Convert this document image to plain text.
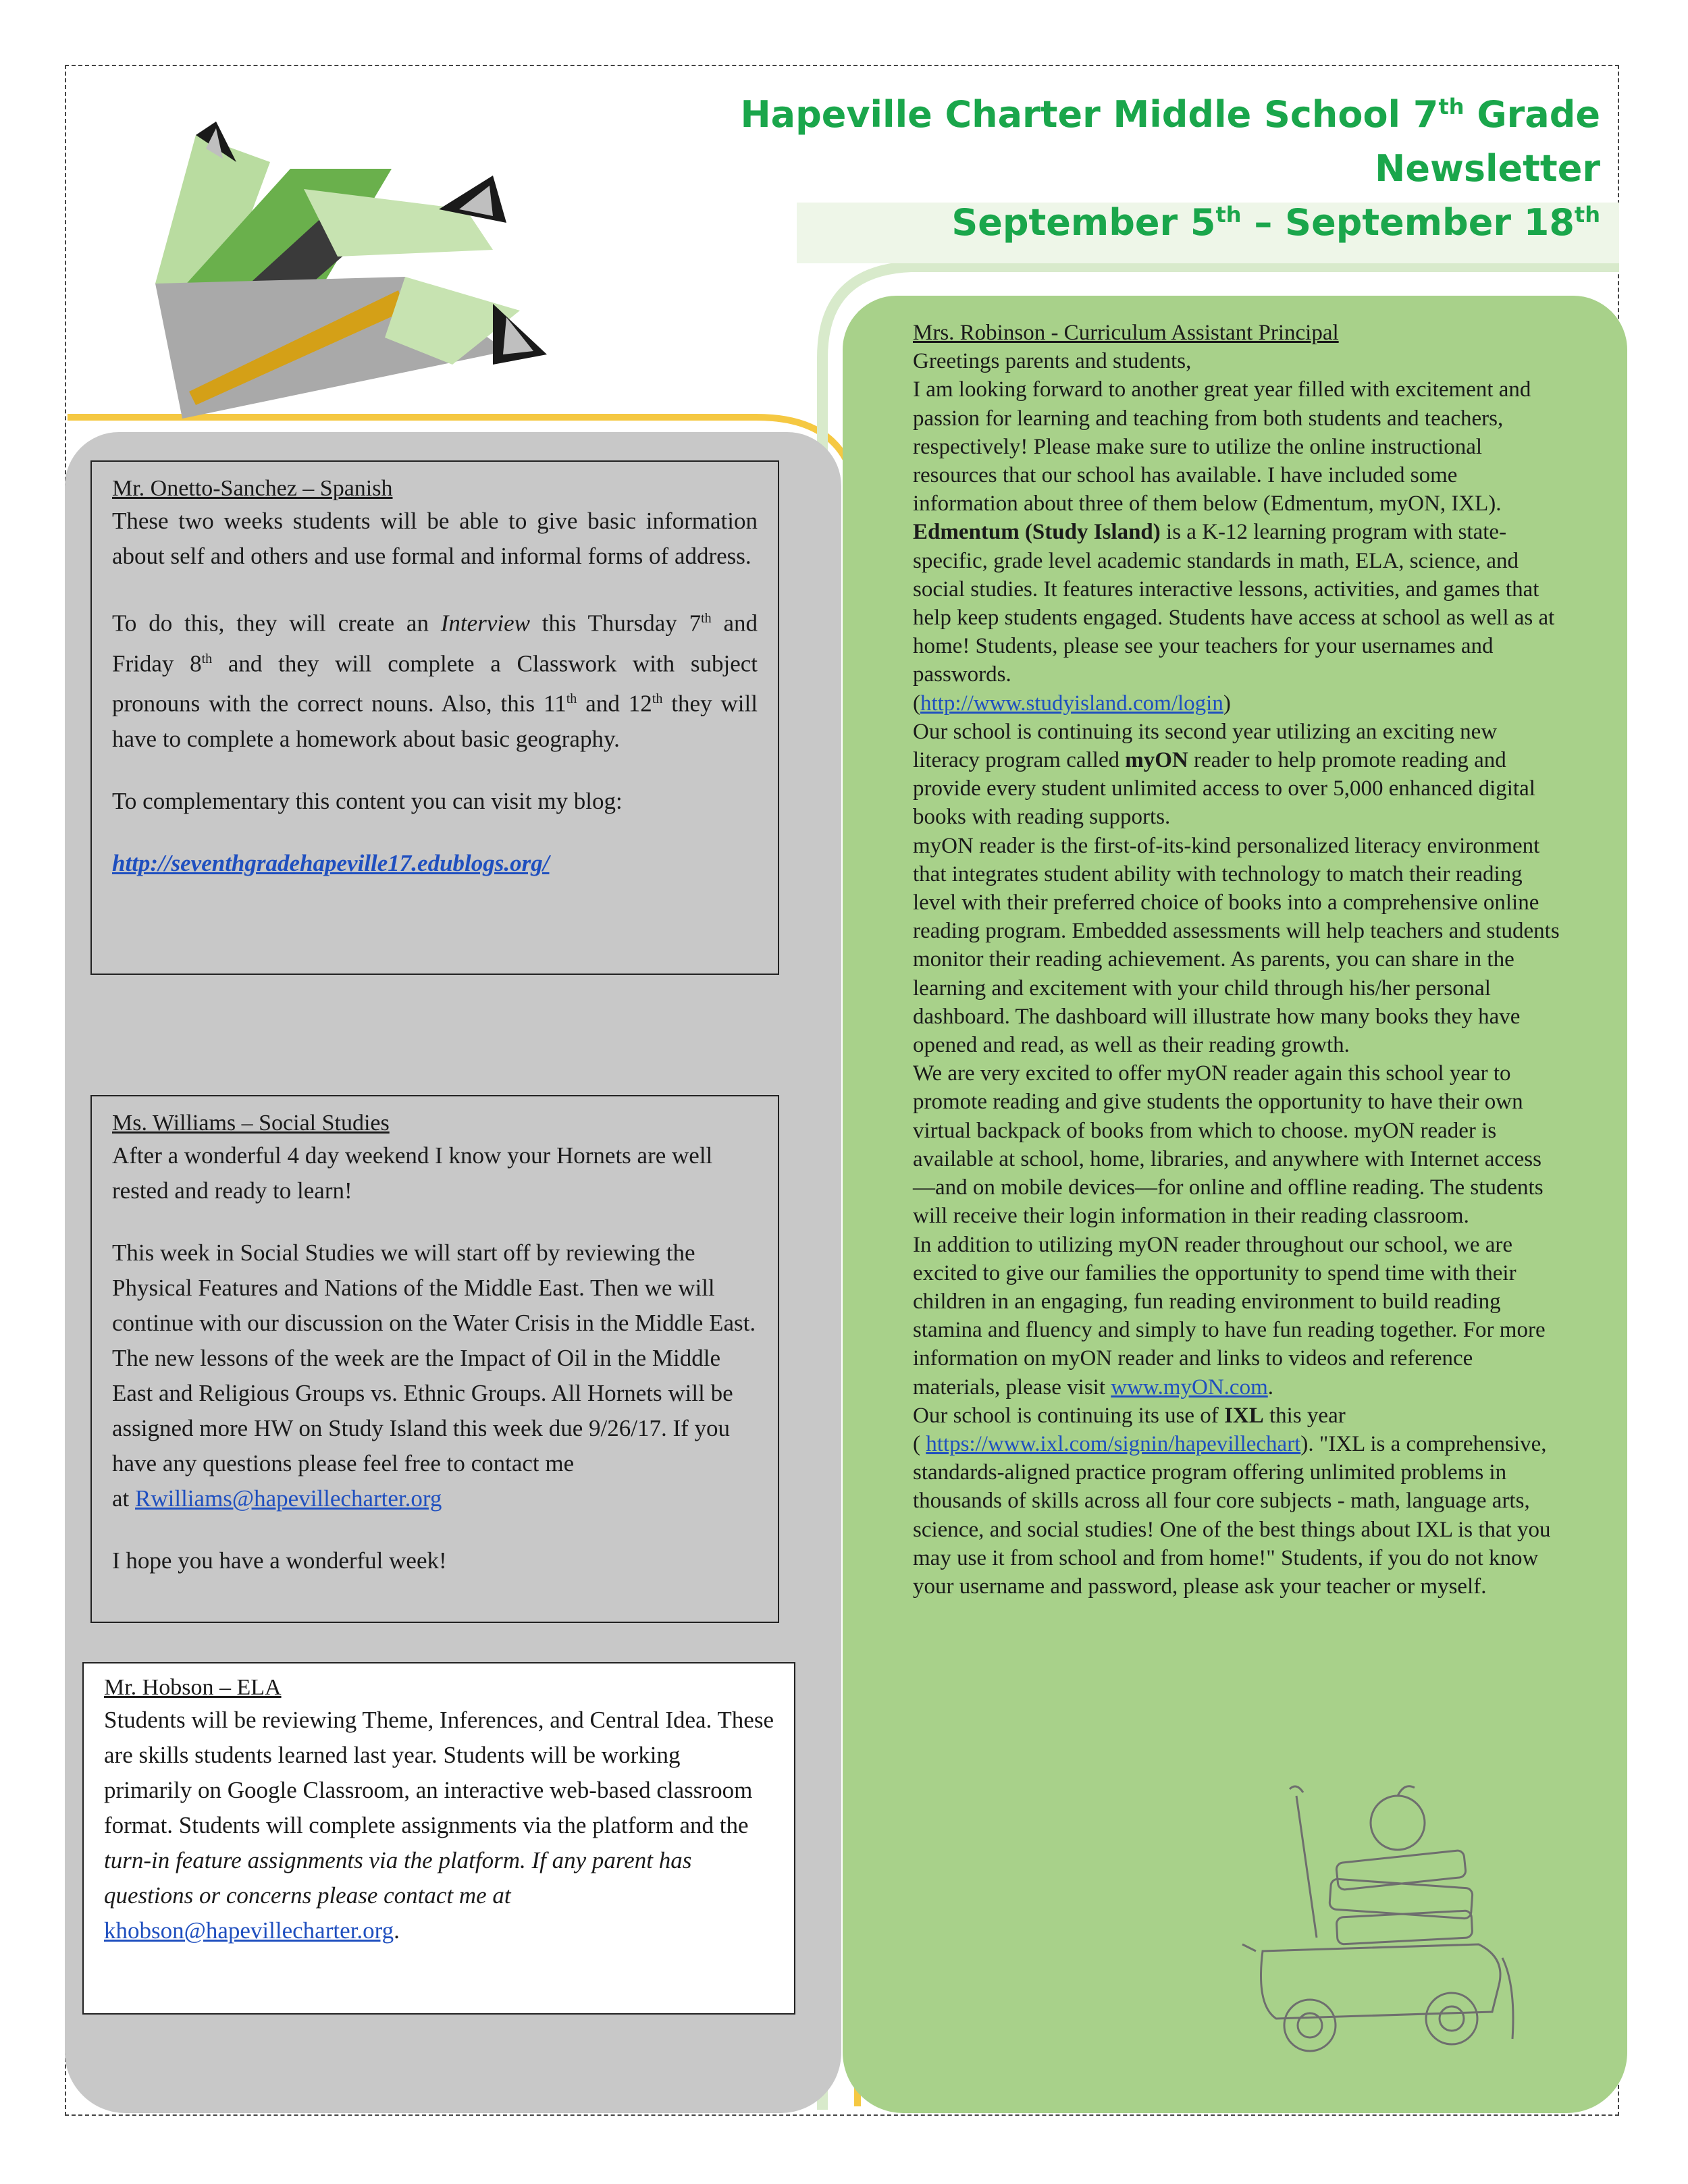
Hapeville Charter Middle School 7th Grade
Newsletter
September 5th – September 18th
Mr. Onetto-Sanchez – Spanish

These two weeks students will be able to give basic information about self and others and use formal and informal forms of address.

To do this, they will create an Interview this Thursday 7th and Friday 8th and they will complete a Classwork with subject pronouns with the correct nouns. Also, this 11th and 12th they will have to complete a homework about basic geography.

To complementary this content you can visit my blog:

http://seventhgradehapeville17.edublogs.org/

Ms. Williams – Social Studies

After a wonderful 4 day weekend I know your Hornets are well rested and ready to learn!

This week in Social Studies we will start off by reviewing the Physical Features and Nations of the Middle East. Then we will continue with our discussion on the Water Crisis in the Middle East. The new lessons of the week are the Impact of Oil in the Middle East and Religious Groups vs. Ethnic Groups. All Hornets will be assigned more HW on Study Island this week due 9/26/17. If you have any questions please feel free to contact me
at Rwilliams@hapevillecharter.org

I hope you have a wonderful week!

Mr. Hobson – ELA

Students will be reviewing Theme, Inferences, and Central Idea. These are skills students learned last year. Students will be working primarily on Google Classroom, an interactive web-based classroom format. Students will complete assignments via the platform and the turn-in feature assignments via the platform. If any parent has questions or concerns please contact me at khobson@hapevillecharter.org.

Mrs. Robinson - Curriculum Assistant Principal
Greetings parents and students,
I am looking forward to another great year filled with excitement and passion for learning and teaching from both students and teachers, respectively! Please make sure to utilize the online instructional resources that our school has available. I have included some information about three of them below (Edmentum, myON, IXL).
Edmentum (Study Island) is a K-12 learning program with state-specific, grade level academic standards in math, ELA, science, and social studies. It features interactive lessons, activities, and games that help keep students engaged. Students have access at school as well as at home! Students, please see your teachers for your usernames and passwords.
(http://www.studyisland.com/login)
Our school is continuing its second year utilizing an exciting new literacy program called myON reader to help promote reading and provide every student unlimited access to over 5,000 enhanced digital books with reading supports.
myON reader is the first-of-its-kind personalized literacy environment that integrates student ability with technology to match their reading level with their preferred choice of books into a comprehensive online reading program. Embedded assessments will help teachers and students monitor their reading achievement. As parents, you can share in the learning and excitement with your child through his/her personal dashboard. The dashboard will illustrate how many books they have opened and read, as well as their reading growth.
We are very excited to offer myON reader again this school year to promote reading and give students the opportunity to have their own virtual backpack of books from which to choose. myON reader is available at school, home, libraries, and anywhere with Internet access—and on mobile devices—for online and offline reading. The students will receive their login information in their reading classroom.
In addition to utilizing myON reader throughout our school, we are excited to give our families the opportunity to spend time with their children in an engaging, fun reading environment to build reading stamina and fluency and simply to have fun reading together. For more information on myON reader and links to videos and reference materials, please visit www.myON.com.
Our school is continuing its use of IXL this year
( https://www.ixl.com/signin/hapevillechart). "IXL is a comprehensive, standards-aligned practice program offering unlimited problems in thousands of skills across all four core subjects - math, language arts, science, and social studies! One of the best things about IXL is that you may use it from school and from home!" Students, if you do not know your username and password, please ask your teacher or myself.
